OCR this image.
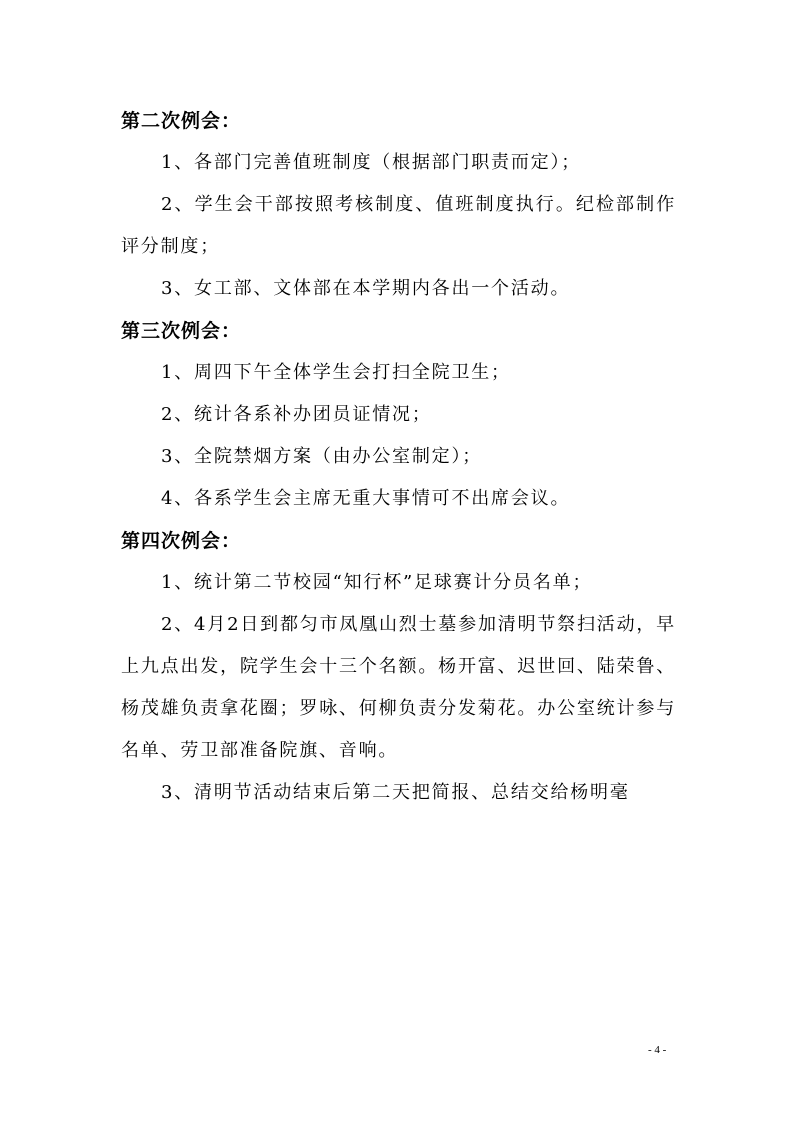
第二次例会：

1、各部门完善值班制度（根据部门职责而定）；

2、学生会干部按照考核制度、值班制度执行。纪检部制作评分制度；

3、女工部、文体部在本学期内各出一个活动。

第三次例会：

1、周四下午全体学生会打扫全院卫生；

2、统计各系补办团员证情况；

3、全院禁烟方案（由办公室制定）；

4、各系学生会主席无重大事情可不出席会议。

第四次例会：

1、统计第二节校园“知行杯”足球赛计分员名单；

2、4月2日到都匀市凤凰山烈士墓参加清明节祭扫活动，早上九点出发，院学生会十三个名额。杨开富、迟世回、陆荣鲁、杨茂雄负责拿花圈；罗咏、何柳负责分发菊花。办公室统计参与名单、劳卫部准备院旗、音响。

3、清明节活动结束后第二天把简报、总结交给杨明毫

- 4 -
